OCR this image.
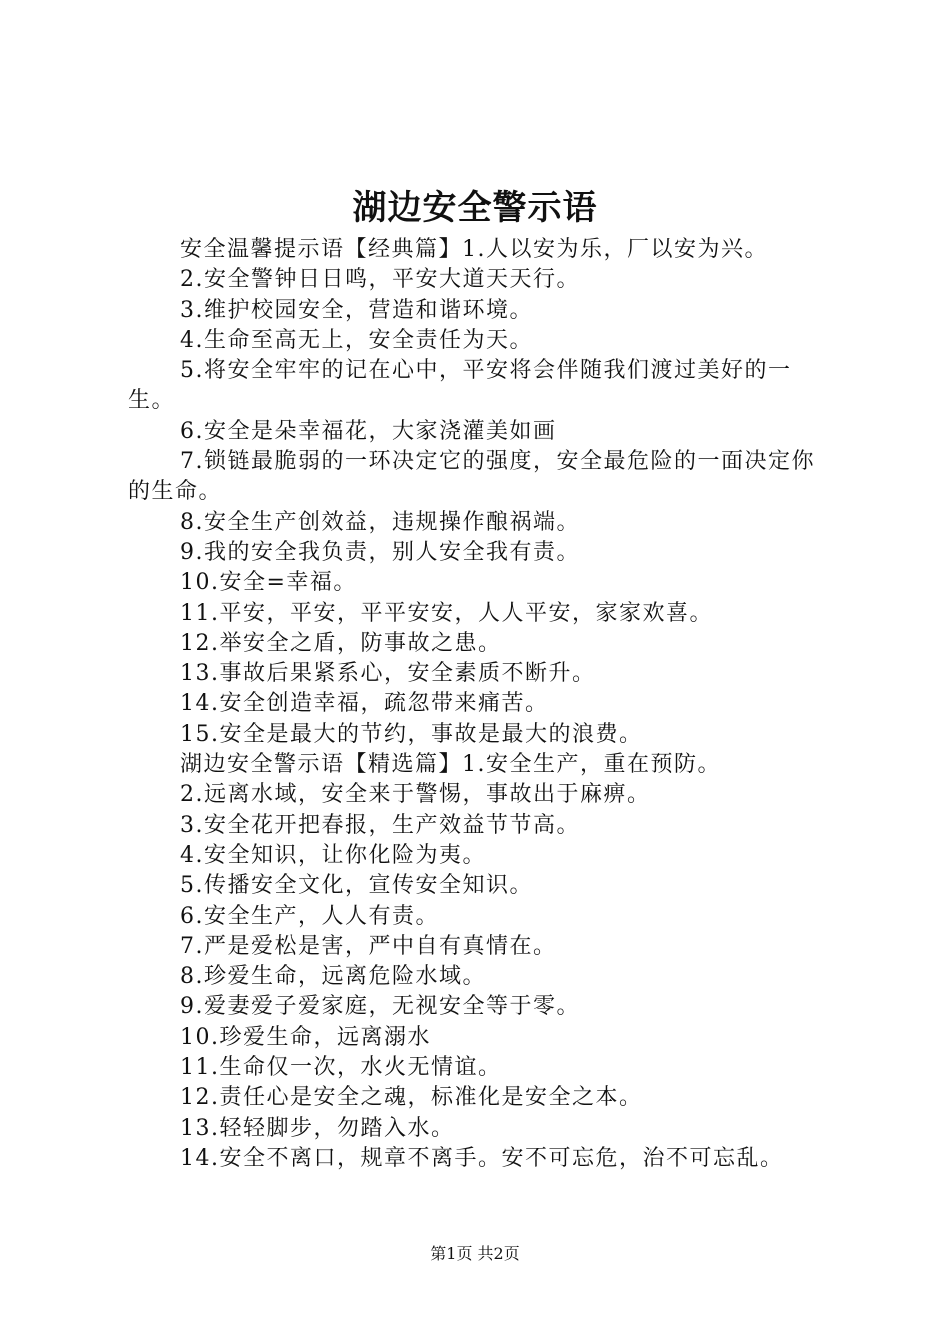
湖边安全警示语

安全温馨提示语【经典篇】1.人以安为乐，厂以安为兴。

2.安全警钟日日鸣，平安大道天天行。

3.维护校园安全，营造和谐环境。

4.生命至高无上，安全责任为天。

5.将安全牢牢的记在心中，平安将会伴随我们渡过美好的一生。

6.安全是朵幸福花，大家浇灌美如画

7.锁链最脆弱的一环决定它的强度，安全最危险的一面决定你的生命。

8.安全生产创效益，违规操作酿祸端。

9.我的安全我负责，别人安全我有责。

10.安全=幸福。

11.平安，平安，平平安安，人人平安，家家欢喜。

12.举安全之盾，防事故之患。

13.事故后果紧系心，安全素质不断升。

14.安全创造幸福，疏忽带来痛苦。

15.安全是最大的节约，事故是最大的浪费。

湖边安全警示语【精选篇】1.安全生产，重在预防。

2.远离水域，安全来于警惕，事故出于麻痹。

3.安全花开把春报，生产效益节节高。

4.安全知识，让你化险为夷。

5.传播安全文化，宣传安全知识。

6.安全生产，人人有责。

7.严是爱松是害，严中自有真情在。

8.珍爱生命，远离危险水域。

9.爱妻爱子爱家庭，无视安全等于零。

10.珍爱生命，远离溺水

11.生命仅一次，水火无情谊。

12.责任心是安全之魂，标准化是安全之本。

13.轻轻脚步，勿踏入水。

14.安全不离口，规章不离手。安不可忘危，治不可忘乱。

第1页 共2页
